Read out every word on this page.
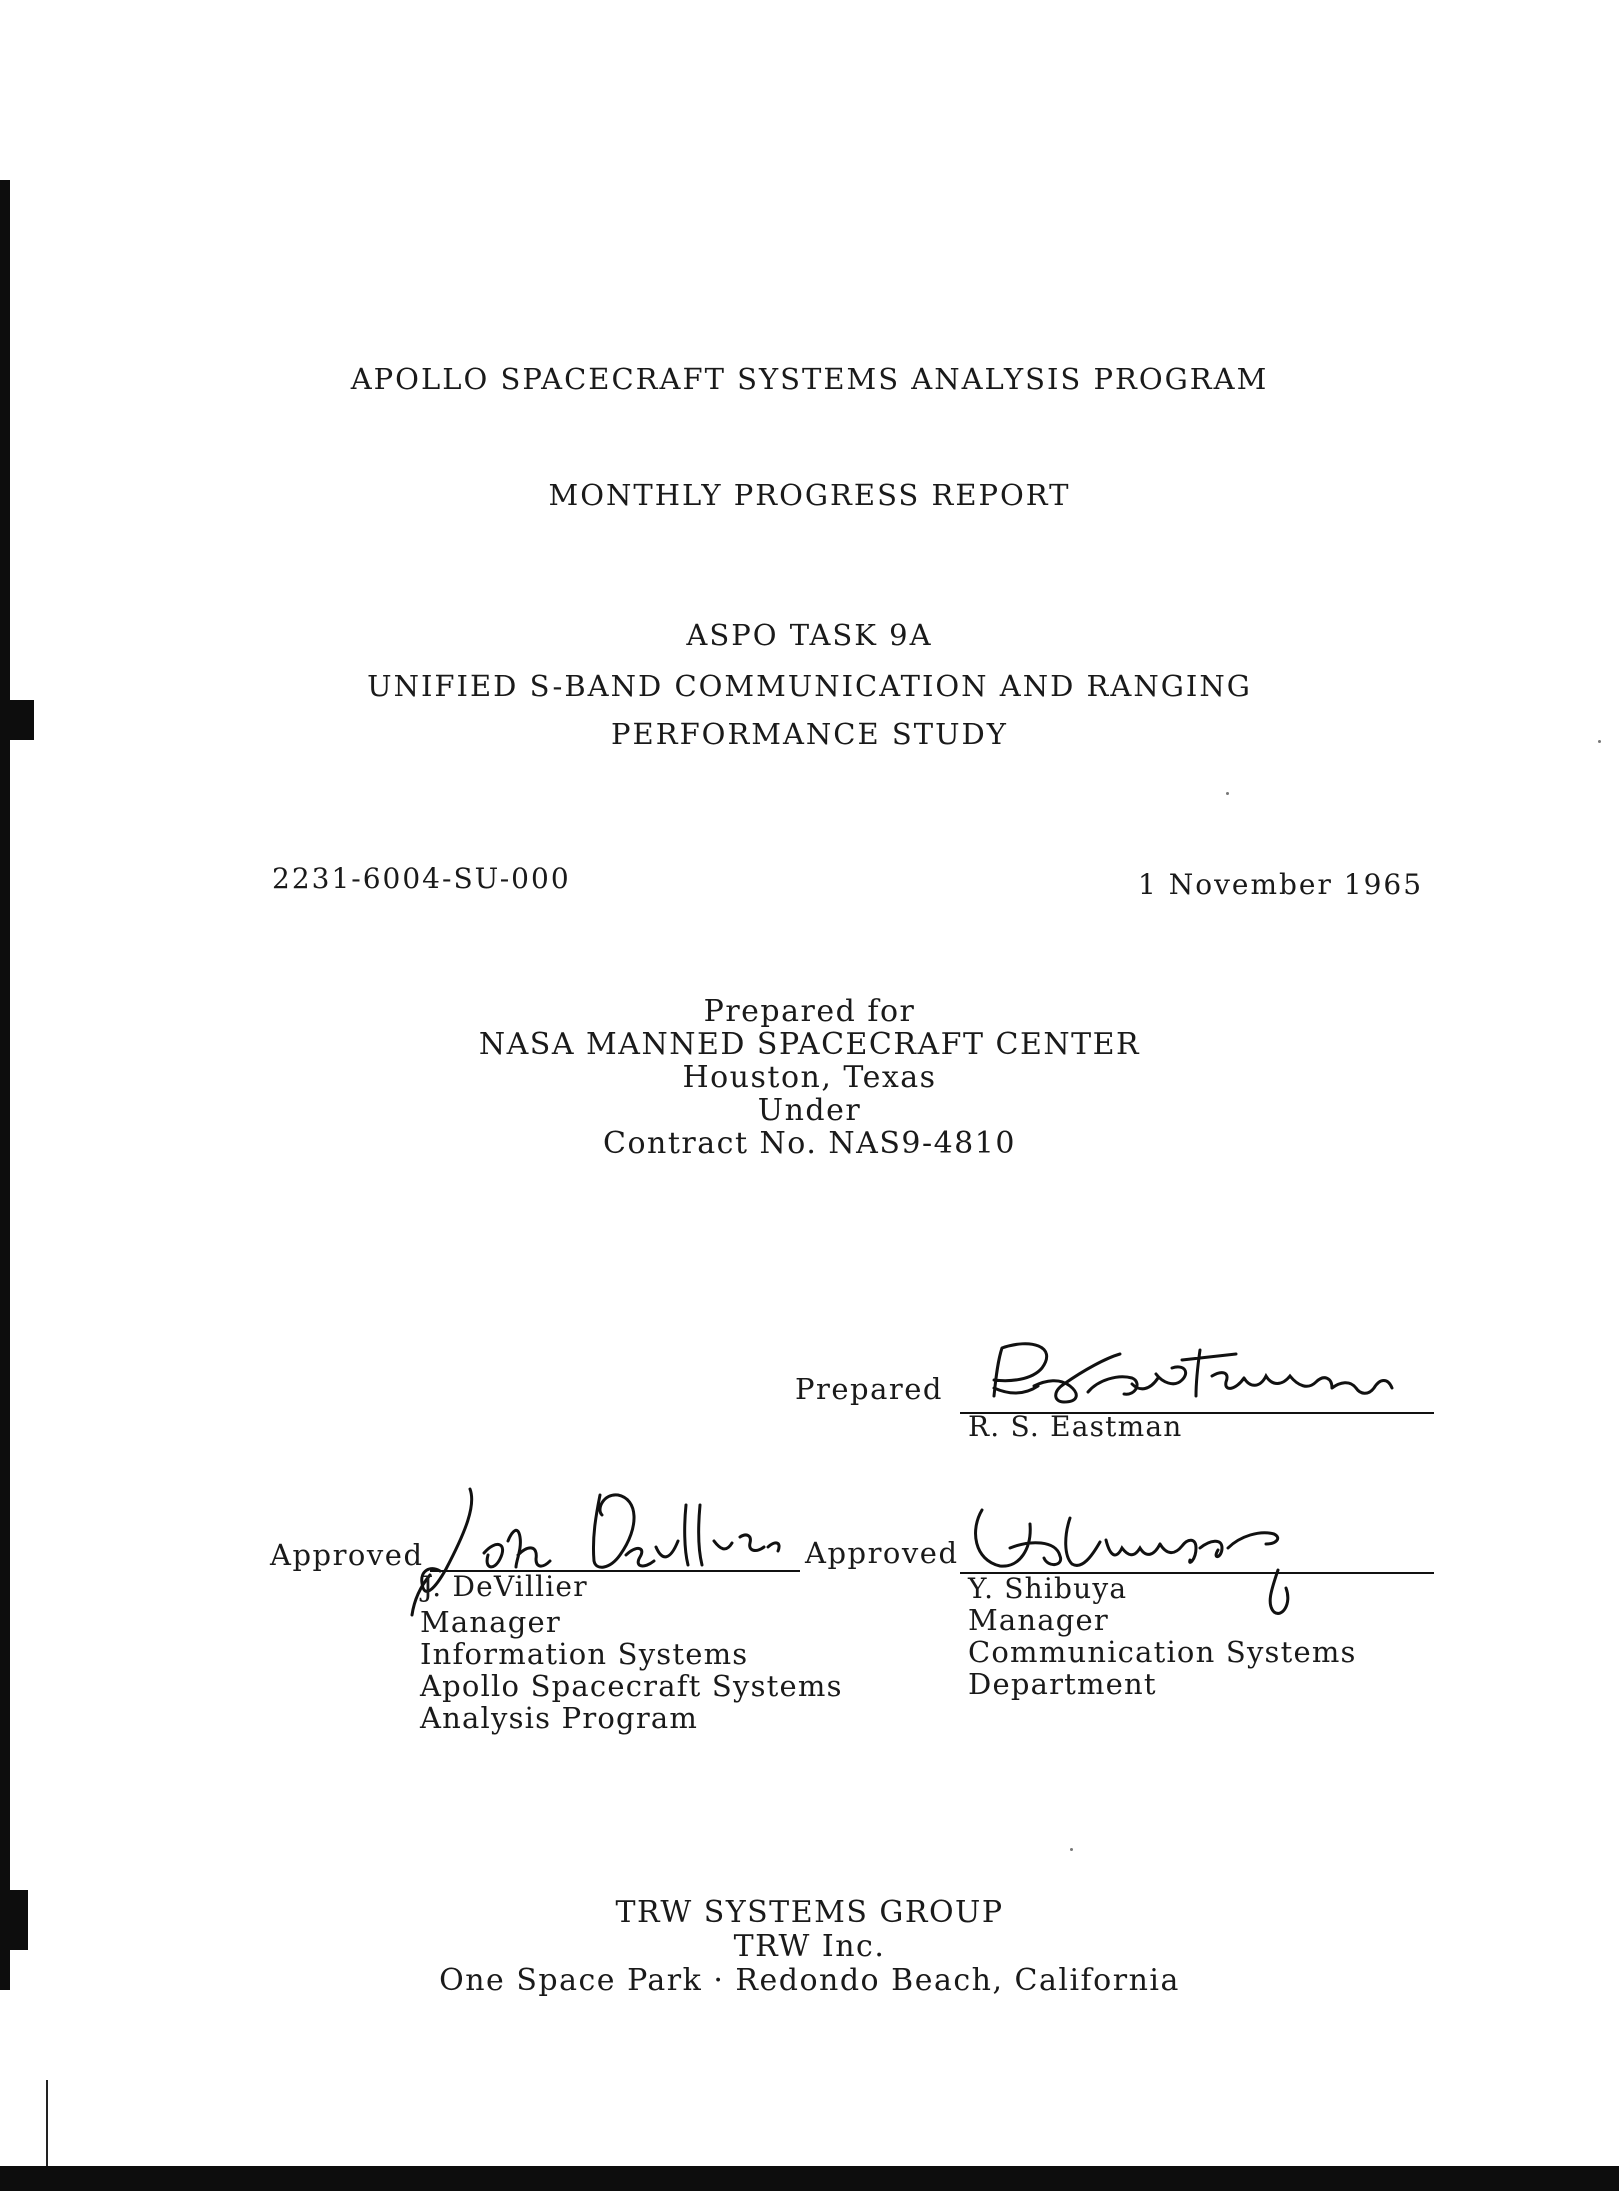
APOLLO SPACECRAFT SYSTEMS ANALYSIS PROGRAM
MONTHLY PROGRESS REPORT
ASPO TASK 9A
UNIFIED S-BAND COMMUNICATION AND RANGING
PERFORMANCE STUDY
2231-6004-SU-000	1 November 1965
Prepared for
NASA MANNED SPACECRAFT CENTER
Houston, Texas
Under
Contract No. NAS9-4810
Prepared
R. S. Eastman
Approved
J. DeVillier
Manager
Information Systems
Apollo Spacecraft Systems
Analysis Program
Approved
Y. Shibuya
Manager
Communication Systems
Department
TRW SYSTEMS GROUP
TRW Inc.
One Space Park · Redondo Beach, California
